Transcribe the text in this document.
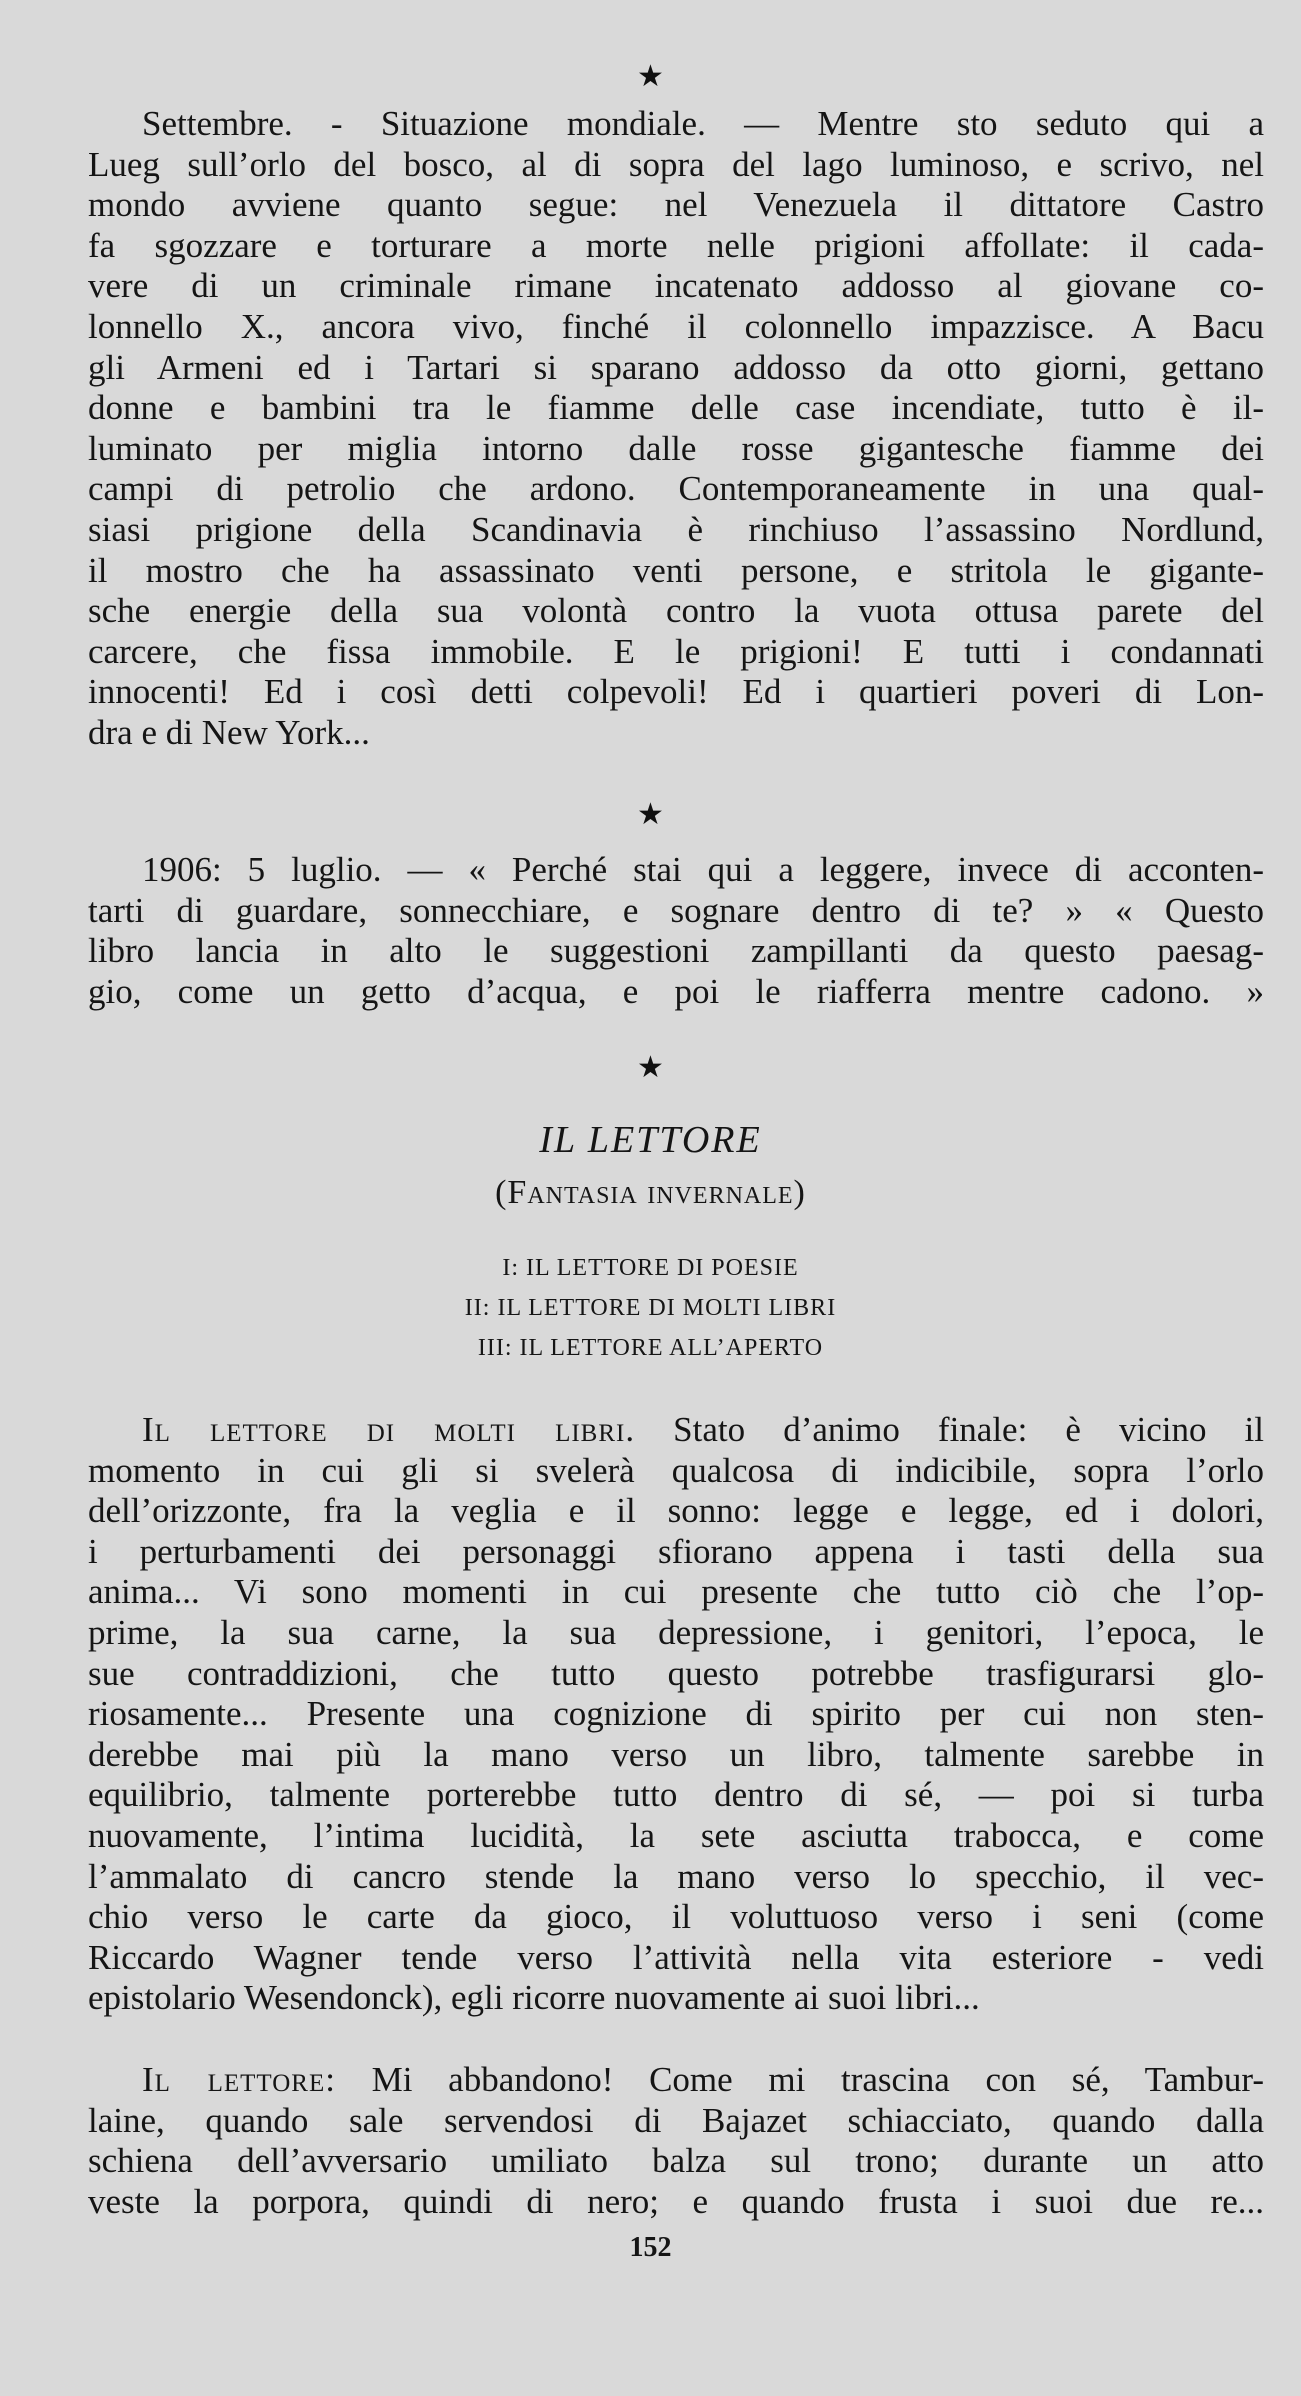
★
Settembre. - Situazione mondiale. — Mentre sto seduto qui a
Lueg sull’orlo del bosco, al di sopra del lago luminoso, e scrivo, nel
mondo avviene quanto segue: nel Venezuela il dittatore Castro
fa sgozzare e torturare a morte nelle prigioni affollate: il cada-
vere di un criminale rimane incatenato addosso al giovane co-
lonnello X., ancora vivo, finché il colonnello impazzisce. A Bacu
gli Armeni ed i Tartari si sparano addosso da otto giorni, gettano
donne e bambini tra le fiamme delle case incendiate, tutto è il-
luminato per miglia intorno dalle rosse gigantesche fiamme dei
campi di petrolio che ardono. Contemporaneamente in una qual-
siasi prigione della Scandinavia è rinchiuso l’assassino Nordlund,
il mostro che ha assassinato venti persone, e stritola le gigante-
sche energie della sua volontà contro la vuota ottusa parete del
carcere, che fissa immobile. E le prigioni! E tutti i condannati
innocenti! Ed i così detti colpevoli! Ed i quartieri poveri di Lon-
dra e di New York...
★
1906: 5 luglio. — « Perché stai qui a leggere, invece di acconten-
tarti di guardare, sonnecchiare, e sognare dentro di te? » « Questo
libro lancia in alto le suggestioni zampillanti da questo paesag-
gio, come un getto d’acqua, e poi le riafferra mentre cadono. »
★
IL LETTORE
(Fantasia invernale)
I: IL LETTORE DI POESIE
II: IL LETTORE DI MOLTI LIBRI
III: IL LETTORE ALL’APERTO
Il lettore di molti libri. Stato d’animo finale: è vicino il
momento in cui gli si svelerà qualcosa di indicibile, sopra l’orlo
dell’orizzonte, fra la veglia e il sonno: legge e legge, ed i dolori,
i perturbamenti dei personaggi sfiorano appena i tasti della sua
anima... Vi sono momenti in cui presente che tutto ciò che l’op-
prime, la sua carne, la sua depressione, i genitori, l’epoca, le
sue contraddizioni, che tutto questo potrebbe trasfigurarsi glo-
riosamente... Presente una cognizione di spirito per cui non sten-
derebbe mai più la mano verso un libro, talmente sarebbe in
equilibrio, talmente porterebbe tutto dentro di sé, — poi si turba
nuovamente, l’intima lucidità, la sete asciutta trabocca, e come
l’ammalato di cancro stende la mano verso lo specchio, il vec-
chio verso le carte da gioco, il voluttuoso verso i seni (come
Riccardo Wagner tende verso l’attività nella vita esteriore - vedi
epistolario Wesendonck), egli ricorre nuovamente ai suoi libri...
Il lettore: Mi abbandono! Come mi trascina con sé, Tambur-
laine, quando sale servendosi di Bajazet schiacciato, quando dalla
schiena dell’avversario umiliato balza sul trono; durante un atto
veste la porpora, quindi di nero; e quando frusta i suoi due re...
152
